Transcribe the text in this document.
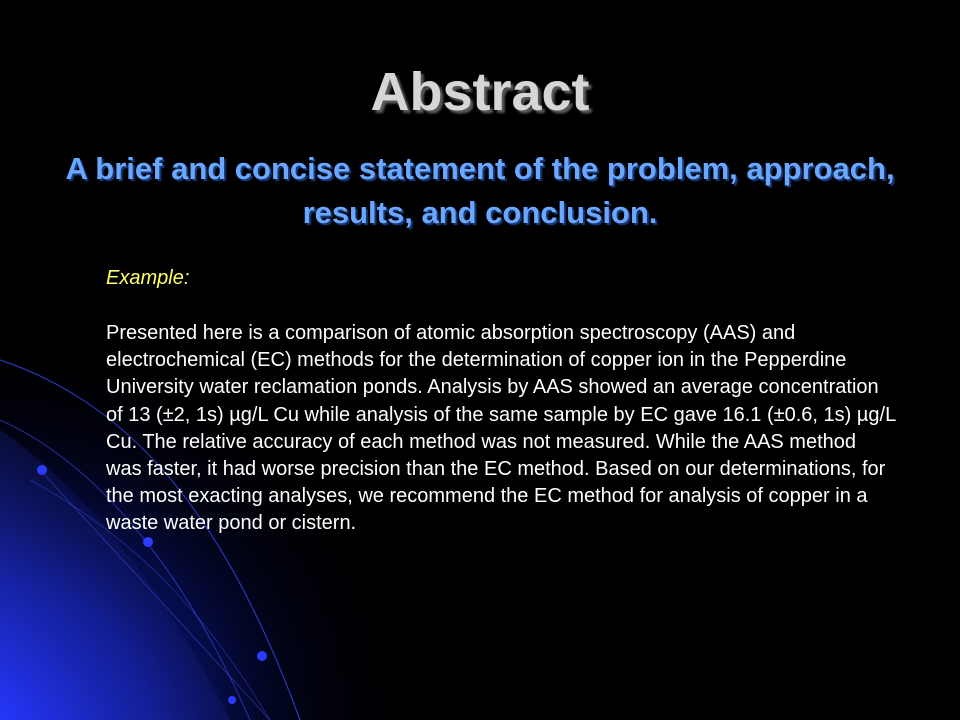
Abstract
A brief and concise statement of the problem, approach, results, and conclusion.
Example:
Presented here is a comparison of atomic absorption spectroscopy (AAS) and electrochemical (EC) methods for the determination of copper ion in the Pepperdine University water reclamation ponds. Analysis by AAS showed an average concentration of 13 (±2, 1s) µg/L Cu while analysis of the same sample by EC gave 16.1 (±0.6, 1s) µg/L Cu. The relative accuracy of each method was not measured. While the AAS method was faster, it had worse precision than the EC method. Based on our determinations, for the most exacting analyses, we recommend the EC method for analysis of copper in a waste water pond or cistern.
